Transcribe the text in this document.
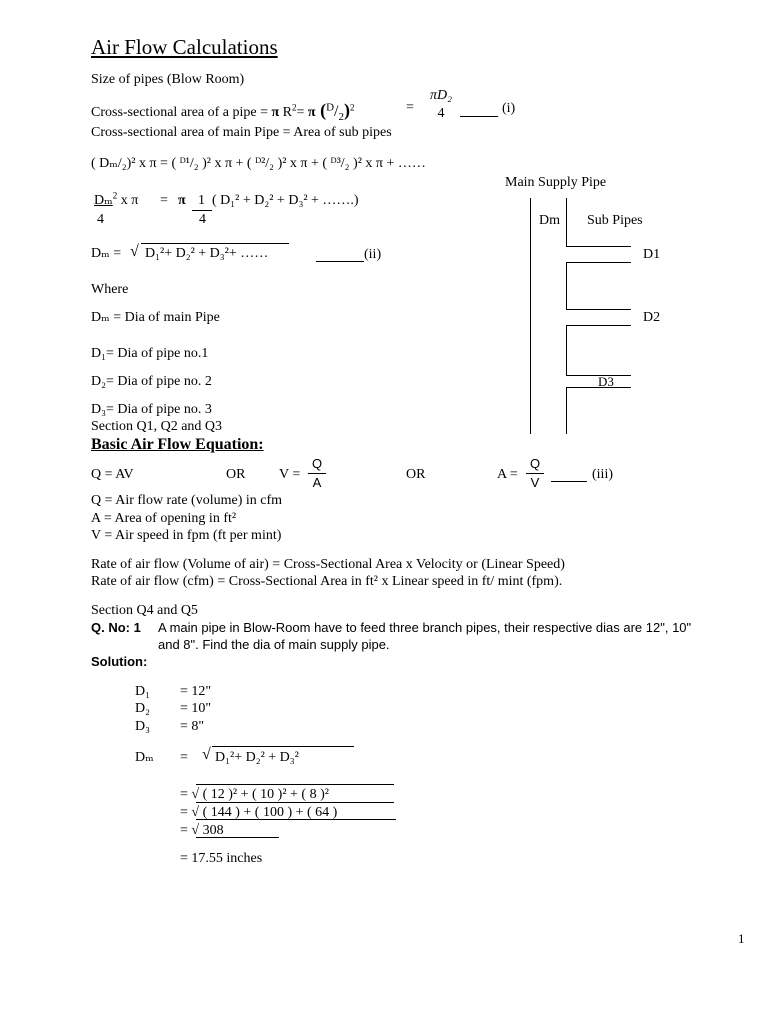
Air Flow Calculations
Size of pipes (Blow Room)
Cross-sectional area of a pipe = π $R^2= \pi$ $(^D/_2)^2$	=
πD₂
4	(i)
Cross-sectional area of main Pipe = Area of sub pipes
( Dₘ/₂)² x π = ( ᴰ¹/₂ )² x π + ( ᴰ²/₂ )² x π + ( ᴰ³/₂ )² x π + ……
Dₘ$^2$ x π
4
= π 1
4
( D₁² + D₂² + D₃² + …….)
Dₘ = √ D₁²+ D₂² + D₃²+ ……	(ii)
Where
Dₘ = Dia of main Pipe
D₁= Dia of pipe no.1
D₂= Dia of pipe no. 2
D₃= Dia of pipe no. 3
Section Q1, Q2 and Q3
Main Supply Pipe
Dm Sub Pipes
D1
D2
D3
Basic Air Flow Equation:
Q = AV	OR V =
Q
A
OR	A =
Q
V
(iii)
Q = Air flow rate (volume) in cfm
A = Area of opening in ft²
V = Air speed in fpm (ft per mint)
Rate of air flow (Volume of air) = Cross-Sectional Area x Velocity or (Linear Speed)
Rate of air flow (cfm) = Cross-Sectional Area in ft² x Linear speed in ft/ mint (fpm).
Section Q4 and Q5
Q. No: 1 A main pipe in Blow-Room have to feed three branch pipes, their respective dias are 12", 10"
and 8". Find the dia of main supply pipe.
Solution:
D₁ = 12"
D₂ = 10"
D₃ = 8"
Dₘ = √ D₁²+ D₂² + D₃²
= √ ( 12 )² + ( 10 )² + ( 8 )²
= √ ( 144 ) + ( 100 ) + ( 64 )
= √ 308
= 17.55 inches
1
